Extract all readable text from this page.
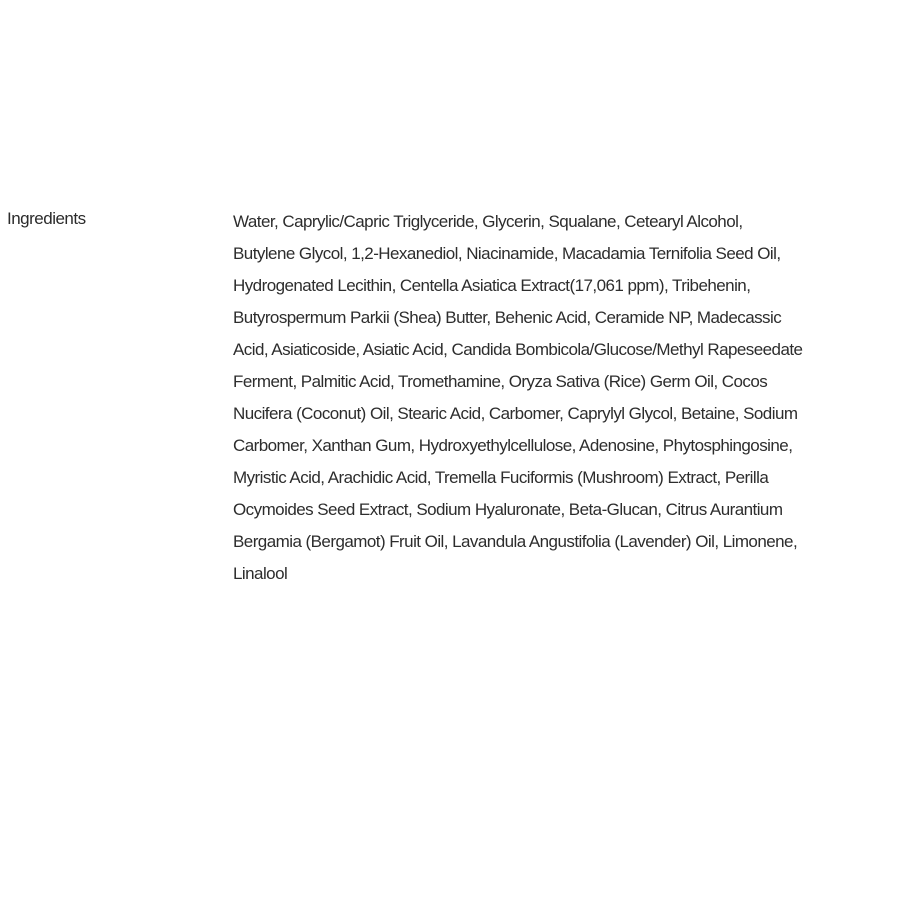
Ingredients	Water, Caprylic/Capric Triglyceride, Glycerin, Squalane, Cetearyl Alcohol,
Butylene Glycol, 1,2-Hexanediol, Niacinamide, Macadamia Ternifolia Seed Oil,
Hydrogenated Lecithin, Centella Asiatica Extract(17,061 ppm), Tribehenin,
Butyrospermum Parkii (Shea) Butter, Behenic Acid, Ceramide NP, Madecassic
Acid, Asiaticoside, Asiatic Acid, Candida Bombicola/Glucose/Methyl Rapeseedate
Ferment, Palmitic Acid, Tromethamine, Oryza Sativa (Rice) Germ Oil, Cocos
Nucifera (Coconut) Oil, Stearic Acid, Carbomer, Caprylyl Glycol, Betaine, Sodium
Carbomer, Xanthan Gum, Hydroxyethylcellulose, Adenosine, Phytosphingosine,
Myristic Acid, Arachidic Acid, Tremella Fuciformis (Mushroom) Extract, Perilla
Ocymoides Seed Extract, Sodium Hyaluronate, Beta-Glucan, Citrus Aurantium
Bergamia (Bergamot) Fruit Oil, Lavandula Angustifolia (Lavender) Oil, Limonene,
Linalool
